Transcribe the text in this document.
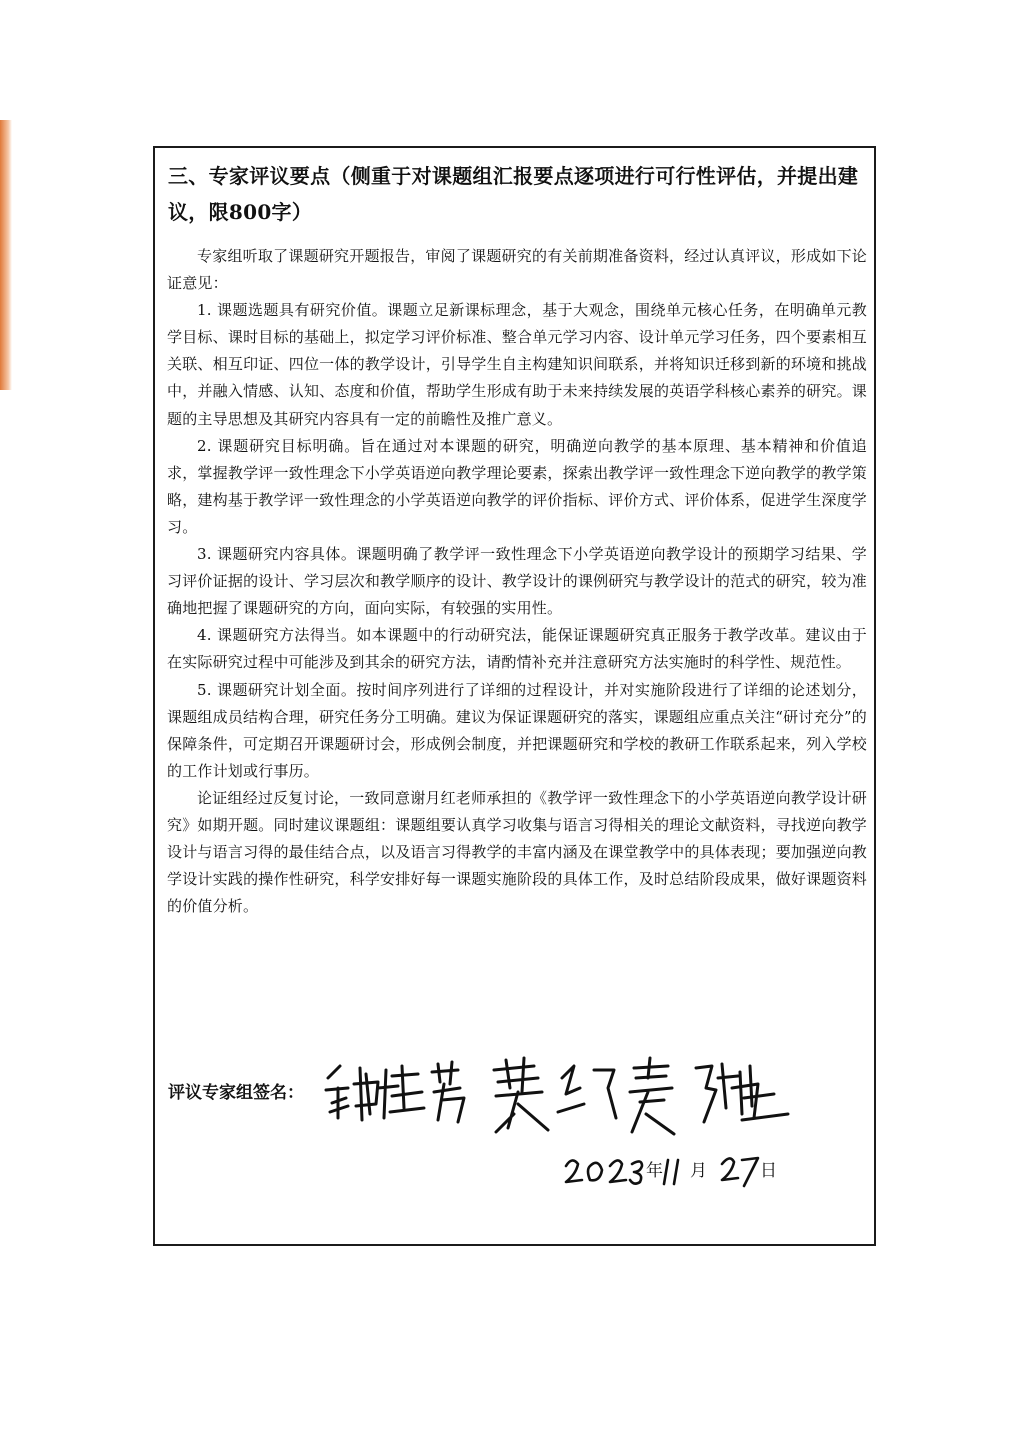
三、专家评议要点（侧重于对课题组汇报要点逐项进行可行性评估，并提出建议，限800字）

专家组听取了课题研究开题报告，审阅了课题研究的有关前期准备资料，经过认真评议，形成如下论证意见：

1. 课题选题具有研究价值。课题立足新课标理念，基于大观念，围绕单元核心任务，在明确单元教学目标、课时目标的基础上，拟定学习评价标准、整合单元学习内容、设计单元学习任务，四个要素相互关联、相互印证、四位一体的教学设计，引导学生自主构建知识间联系，并将知识迁移到新的环境和挑战中，并融入情感、认知、态度和价值，帮助学生形成有助于未来持续发展的英语学科核心素养的研究。课题的主导思想及其研究内容具有一定的前瞻性及推广意义。

2. 课题研究目标明确。旨在通过对本课题的研究，明确逆向教学的基本原理、基本精神和价值追求，掌握教学评一致性理念下小学英语逆向教学理论要素，探索出教学评一致性理念下逆向教学的教学策略，建构基于教学评一致性理念的小学英语逆向教学的评价指标、评价方式、评价体系，促进学生深度学习。

3. 课题研究内容具体。课题明确了教学评一致性理念下小学英语逆向教学设计的预期学习结果、学习评价证据的设计、学习层次和教学顺序的设计、教学设计的课例研究与教学设计的范式的研究，较为准确地把握了课题研究的方向，面向实际，有较强的实用性。

4. 课题研究方法得当。如本课题中的行动研究法，能保证课题研究真正服务于教学改革。建议由于在实际研究过程中可能涉及到其余的研究方法，请酌情补充并注意研究方法实施时的科学性、规范性。

5. 课题研究计划全面。按时间序列进行了详细的过程设计，并对实施阶段进行了详细的论述划分，课题组成员结构合理，研究任务分工明确。建议为保证课题研究的落实，课题组应重点关注“研讨充分”的保障条件，可定期召开课题研讨会，形成例会制度，并把课题研究和学校的教研工作联系起来，列入学校的工作计划或行事历。

论证组经过反复讨论，一致同意谢月红老师承担的《教学评一致性理念下的小学英语逆向教学设计研究》如期开题。同时建议课题组：课题组要认真学习收集与语言习得相关的理论文献资料，寻找逆向教学设计与语言习得的最佳结合点，以及语言习得教学的丰富内涵及在课堂教学中的具体表现；要加强逆向教学设计实践的操作性研究，科学安排好每一课题实施阶段的具体工作，及时总结阶段成果，做好课题资料的价值分析。

评议专家组签名：
年 月	日
